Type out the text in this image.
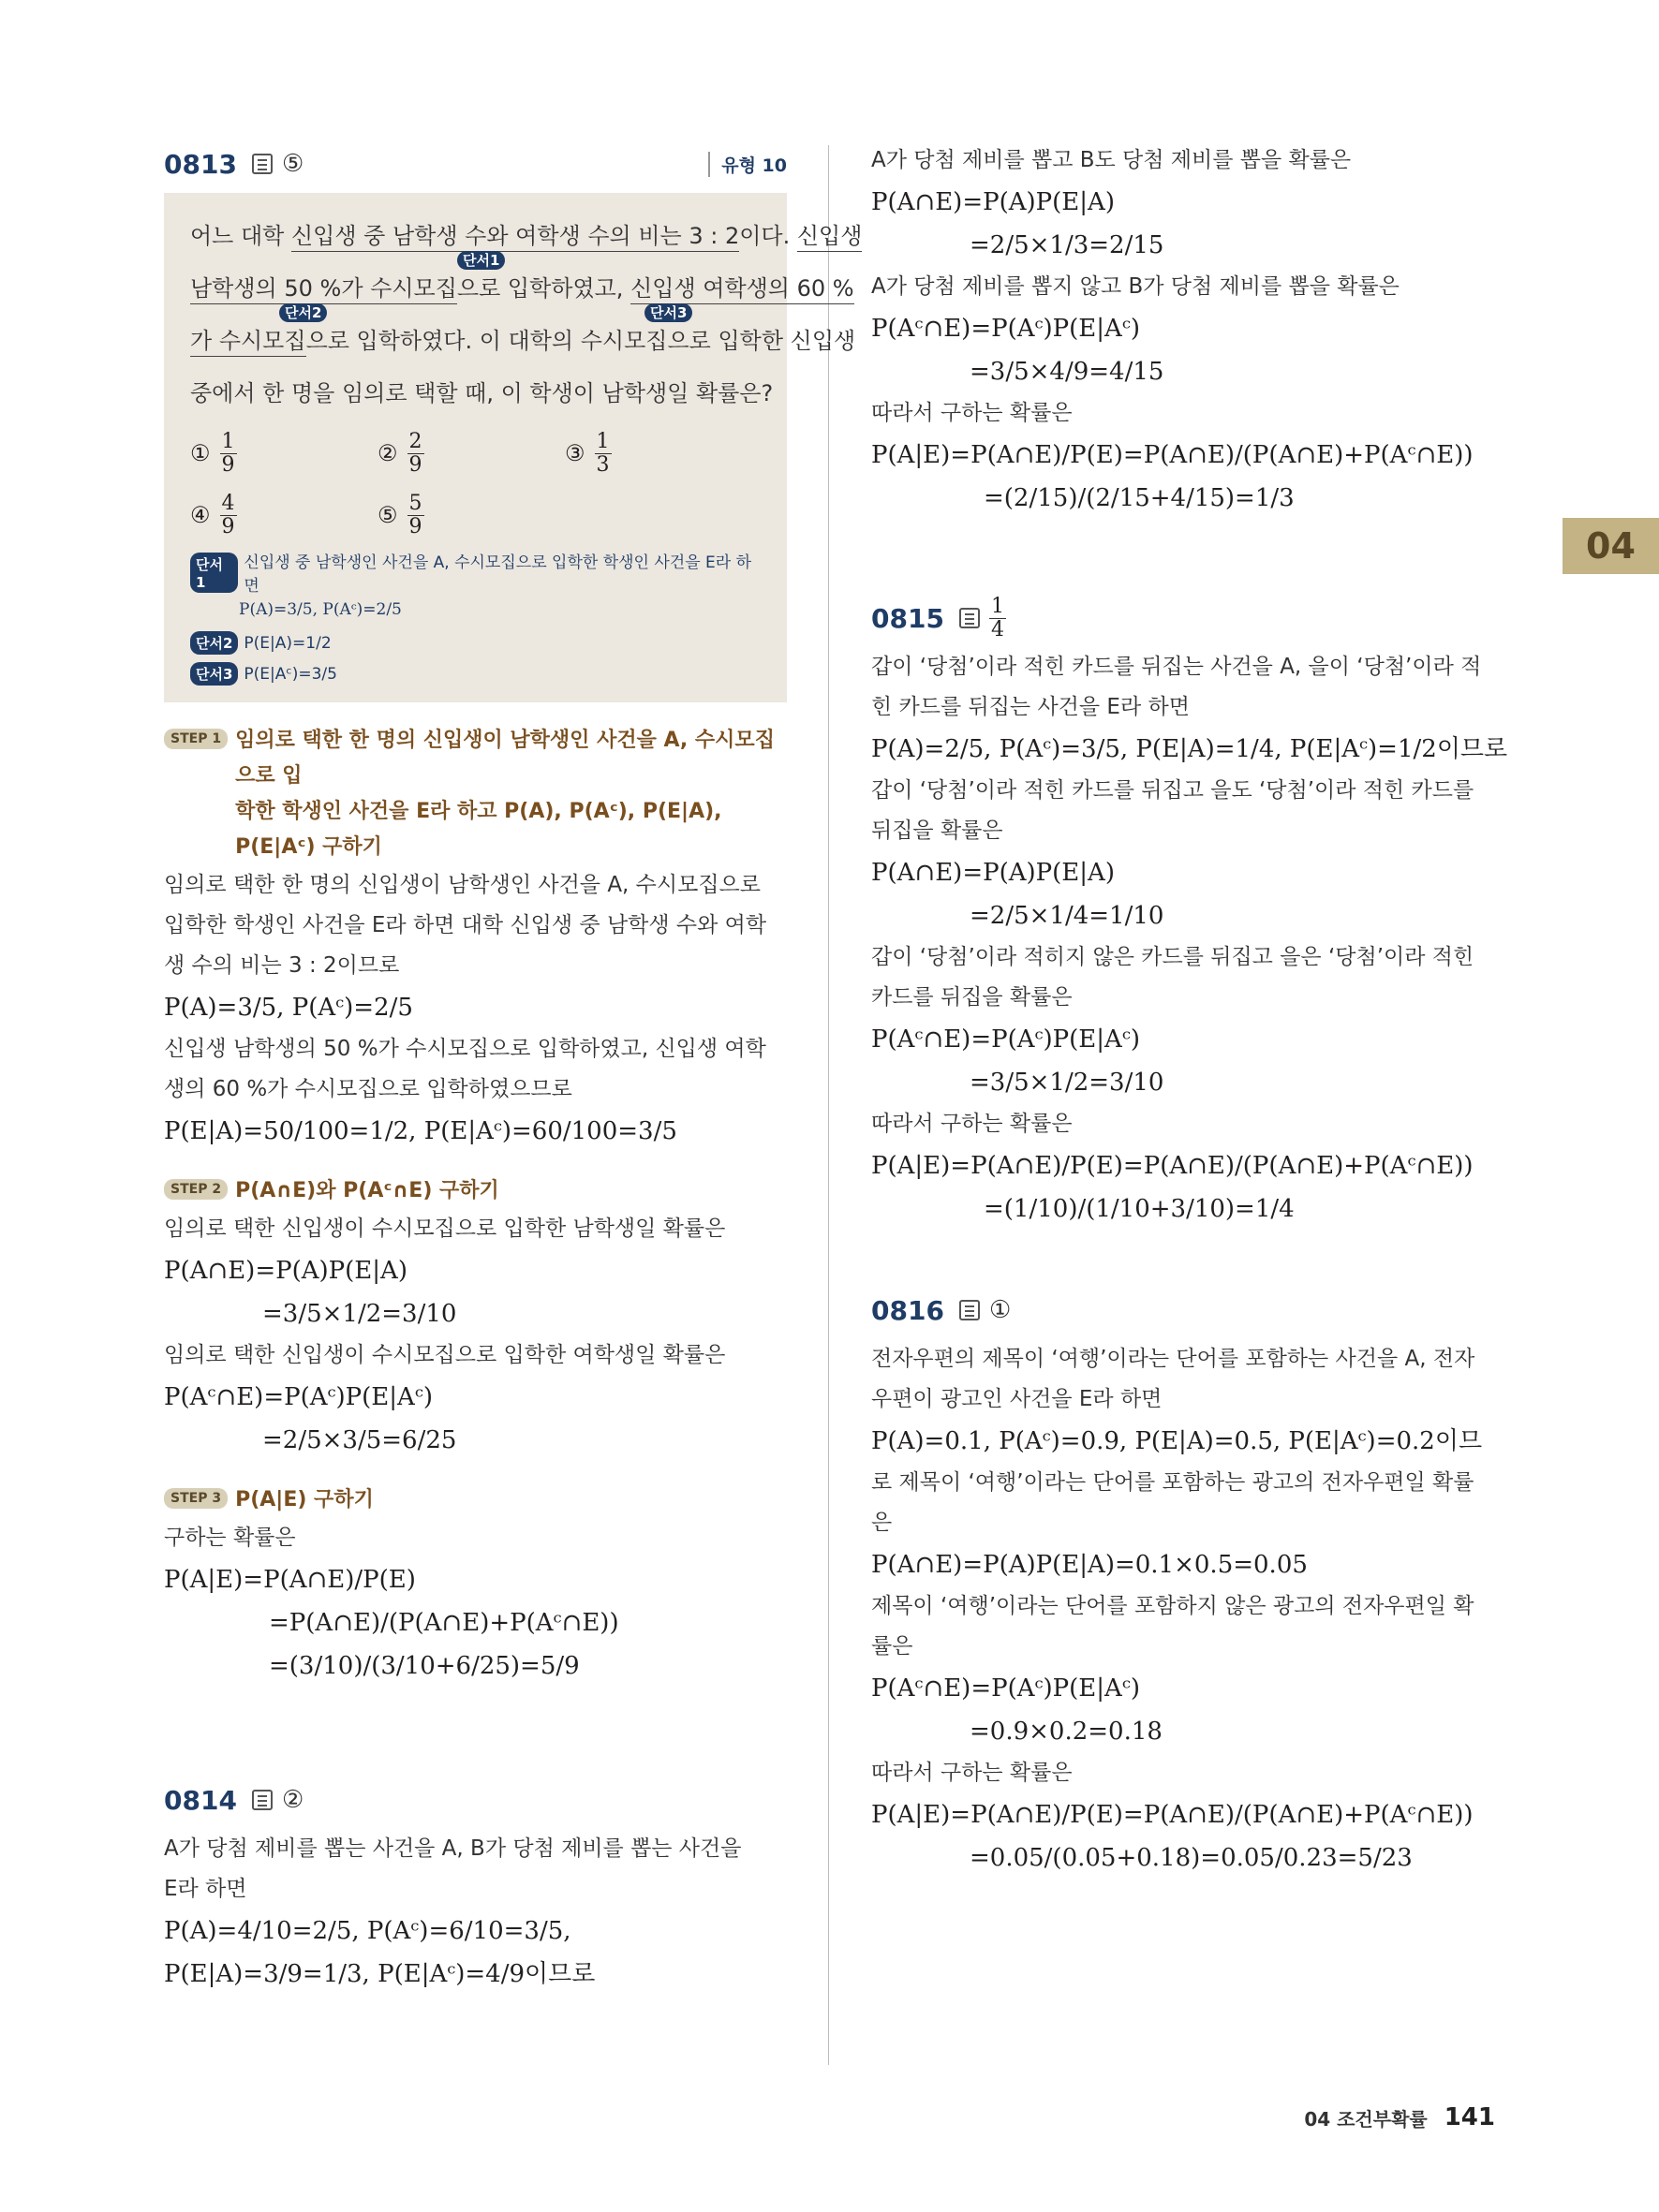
04
0813 ⑤	유형 10
어느 대학 신입생 중 남학생 수와 여학생 수의 비는 3 : 2이다. 신입생
단서1
남학생의 50 %가 수시모집으로 입학하였고, 신입생 여학생의 60 %
단서2	단서3
가 수시모집으로 입학하였다. 이 대학의 수시모집으로 입학한 신입생
중에서 한 명을 임의로 택할 때, 이 학생이 남학생일 확률은?
① $\frac{1}{9}$	② $\frac{2}{9}$	③ $\frac{1}{3}$
④ $\frac{4}{9}$	⑤ $\frac{5}{9}$
단서1
신입생 중 남학생인 사건을 A, 수시모집으로 입학한 학생인 사건을 E라 하면
P(A)=3/5, P(Aᶜ)=2/5
단서2 P(E|A)=1/2
단서3 P(E|Aᶜ)=3/5
STEP 1 임의로 택한 한 명의 신입생이 남학생인 사건을 A, 수시모집으로 입
학한 학생인 사건을 E라 하고 P(A), P(Aᶜ), P(E|A), P(E|Aᶜ) 구하기
임의로 택한 한 명의 신입생이 남학생인 사건을 A, 수시모집으로
입학한 학생인 사건을 E라 하면 대학 신입생 중 남학생 수와 여학
생 수의 비는 3 : 2이므로
P(A)=3/5, P(Aᶜ)=2/5
신입생 남학생의 50 %가 수시모집으로 입학하였고, 신입생 여학
생의 60 %가 수시모집으로 입학하였으므로
P(E|A)=50/100=1/2, P(E|Aᶜ)=60/100=3/5
STEP 2 P(A∩E)와 P(Aᶜ∩E) 구하기
임의로 택한 신입생이 수시모집으로 입학한 남학생일 확률은
P(A∩E)=P(A)P(E|A)
=3/5×1/2=3/10
임의로 택한 신입생이 수시모집으로 입학한 여학생일 확률은
P(Aᶜ∩E)=P(Aᶜ)P(E|Aᶜ)
=2/5×3/5=6/25
STEP 3 P(A|E) 구하기
구하는 확률은
P(A|E)=P(A∩E)/P(E)
=P(A∩E)/(P(A∩E)+P(Aᶜ∩E))
=(3/10)/(3/10+6/25)=5/9
0814 ②
A가 당첨 제비를 뽑는 사건을 A, B가 당첨 제비를 뽑는 사건을
E라 하면
P(A)=4/10=2/5, P(Aᶜ)=6/10=3/5,
P(E|A)=3/9=1/3, P(E|Aᶜ)=4/9이므로
A가 당첨 제비를 뽑고 B도 당첨 제비를 뽑을 확률은
P(A∩E)=P(A)P(E|A)
=2/5×1/3=2/15
A가 당첨 제비를 뽑지 않고 B가 당첨 제비를 뽑을 확률은
P(Aᶜ∩E)=P(Aᶜ)P(E|Aᶜ)
=3/5×4/9=4/15
따라서 구하는 확률은
P(A|E)=P(A∩E)/P(E)=P(A∩E)/(P(A∩E)+P(Aᶜ∩E))
=(2/15)/(2/15+4/15)=1/3
$0815 \frac{1}{4}$
갑이 ‘당첨’이라 적힌 카드를 뒤집는 사건을 A, 을이 ‘당첨’이라 적
힌 카드를 뒤집는 사건을 E라 하면
P(A)=2/5, P(Aᶜ)=3/5, P(E|A)=1/4, P(E|Aᶜ)=1/2이므로
갑이 ‘당첨’이라 적힌 카드를 뒤집고 을도 ‘당첨’이라 적힌 카드를
뒤집을 확률은
P(A∩E)=P(A)P(E|A)
=2/5×1/4=1/10
갑이 ‘당첨’이라 적히지 않은 카드를 뒤집고 을은 ‘당첨’이라 적힌
카드를 뒤집을 확률은
P(Aᶜ∩E)=P(Aᶜ)P(E|Aᶜ)
=3/5×1/2=3/10
따라서 구하는 확률은
P(A|E)=P(A∩E)/P(E)=P(A∩E)/(P(A∩E)+P(Aᶜ∩E))
=(1/10)/(1/10+3/10)=1/4
0816 ①
전자우편의 제목이 ‘여행’이라는 단어를 포함하는 사건을 A, 전자
우편이 광고인 사건을 E라 하면
P(A)=0.1, P(Aᶜ)=0.9, P(E|A)=0.5, P(E|Aᶜ)=0.2이므
로 제목이 ‘여행’이라는 단어를 포함하는 광고의 전자우편일 확률은
P(A∩E)=P(A)P(E|A)=0.1×0.5=0.05
제목이 ‘여행’이라는 단어를 포함하지 않은 광고의 전자우편일 확
률은
P(Aᶜ∩E)=P(Aᶜ)P(E|Aᶜ)
=0.9×0.2=0.18
따라서 구하는 확률은
P(A|E)=P(A∩E)/P(E)=P(A∩E)/(P(A∩E)+P(Aᶜ∩E))
=0.05/(0.05+0.18)=0.05/0.23=5/23
04 조건부확률 141
